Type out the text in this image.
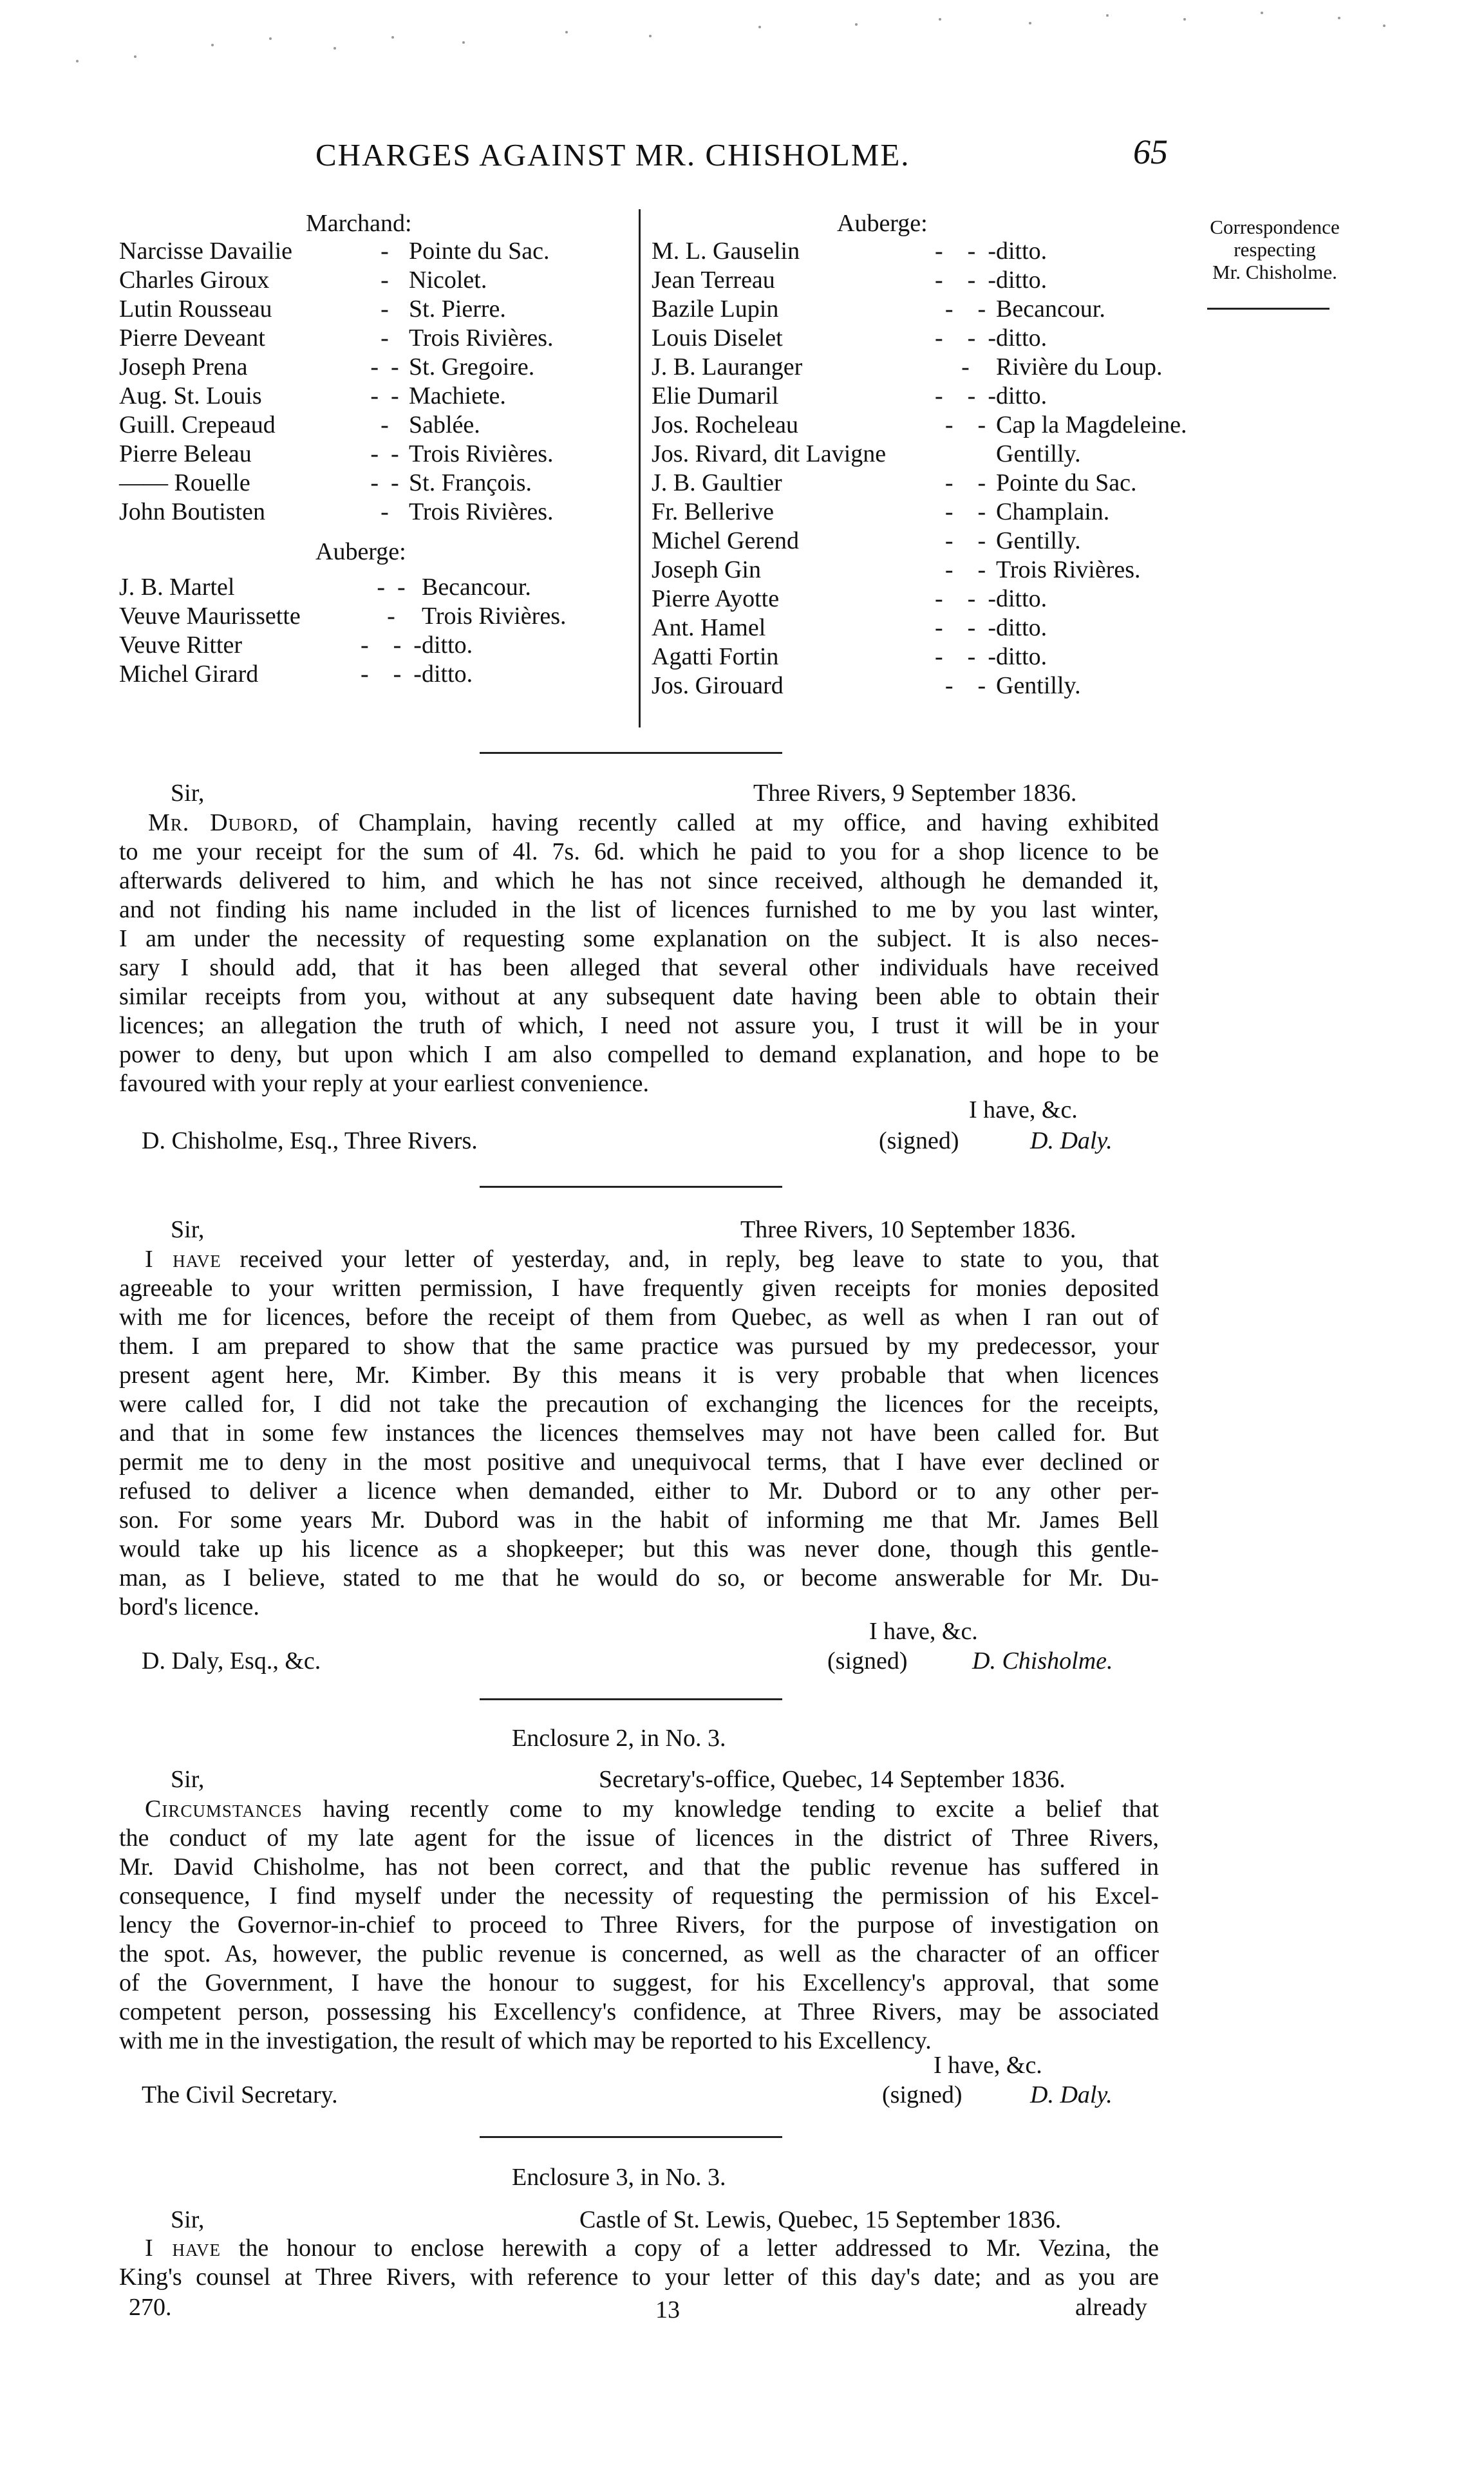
CHARGES AGAINST MR. CHISHOLME.	65
Correspondence
respecting
Mr. Chisholme.
Marchand:
Narcisse Davailie	-	Pointe du Sac.
Charles Giroux	-	Nicolet.
Lutin Rousseau	-	St. Pierre.
Pierre Deveant	-	Trois Rivières.
Joseph Prena	-  -	St. Gregoire.
Aug. St. Louis	-  -	Machiete.
Guill. Crepeaud	-	Sablée.
Pierre Beleau	-  -	Trois Rivières.
—— Rouelle	-  -	St. François.
John Boutisten	-	Trois Rivières.
Auberge:
J. B. Martel	-  -	Becancour.
Veuve Maurissette	-	Trois Rivières.
Veuve Ritter	-    -  -	ditto.
Michel Girard	-    -  -	ditto.
Auberge:
M. L. Gauselin	-    -  -	ditto.
Jean Terreau	-    -  -	ditto.
Bazile Lupin	-    -	Becancour.
Louis Diselet	-    -  -	ditto.
J. B. Lauranger	-	Rivière du Loup.
Elie Dumaril	-    -  -	ditto.
Jos. Rocheleau	-    -	Cap la Magdeleine.
Jos. Rivard, dit Lavigne		Gentilly.
J. B. Gaultier	-    -	Pointe du Sac.
Fr. Bellerive	-    -	Champlain.
Michel Gerend	-    -	Gentilly.
Joseph Gin	-    -	Trois Rivières.
Pierre Ayotte	-    -  -	ditto.
Ant. Hamel	-    -  -	ditto.
Agatti Fortin	-    -  -	ditto.
Jos. Girouard	-    -	Gentilly.
Sir,	Three Rivers, 9 September 1836.
Mr. Dubord, of Champlain, having recently called at my office, and having exhibited
to me your receipt for the sum of 4l. 7s. 6d. which he paid to you for a shop licence to be
afterwards delivered to him, and which he has not since received, although he demanded it,
and not finding his name included in the list of licences furnished to me by you last winter,
I am under the necessity of requesting some explanation on the subject. It is also neces-
sary I should add, that it has been alleged that several other individuals have received
similar receipts from you, without at any subsequent date having been able to obtain their
licences; an allegation the truth of which, I need not assure you, I trust it will be in your
power to deny, but upon which I am also compelled to demand explanation, and hope to be
favoured with your reply at your earliest convenience.
I have, &c.
D. Chisholme, Esq., Three Rivers.	(signed)	D. Daly.
Sir,	Three Rivers, 10 September 1836.
I have received your letter of yesterday, and, in reply, beg leave to state to you, that
agreeable to your written permission, I have frequently given receipts for monies deposited
with me for licences, before the receipt of them from Quebec, as well as when I ran out of
them. I am prepared to show that the same practice was pursued by my predecessor, your
present agent here, Mr. Kimber. By this means it is very probable that when licences
were called for, I did not take the precaution of exchanging the licences for the receipts,
and that in some few instances the licences themselves may not have been called for. But
permit me to deny in the most positive and unequivocal terms, that I have ever declined or
refused to deliver a licence when demanded, either to Mr. Dubord or to any other per-
son. For some years Mr. Dubord was in the habit of informing me that Mr. James Bell
would take up his licence as a shopkeeper; but this was never done, though this gentle-
man, as I believe, stated to me that he would do so, or become answerable for Mr. Du-
bord's licence.
I have, &c.
D. Daly, Esq., &c.	(signed)	D. Chisholme.
Enclosure 2, in No. 3.
Sir,	Secretary's-office, Quebec, 14 September 1836.
Circumstances having recently come to my knowledge tending to excite a belief that
the conduct of my late agent for the issue of licences in the district of Three Rivers,
Mr. David Chisholme, has not been correct, and that the public revenue has suffered in
consequence, I find myself under the necessity of requesting the permission of his Excel-
lency the Governor-in-chief to proceed to Three Rivers, for the purpose of investigation on
the spot. As, however, the public revenue is concerned, as well as the character of an officer
of the Government, I have the honour to suggest, for his Excellency's approval, that some
competent person, possessing his Excellency's confidence, at Three Rivers, may be associated
with me in the investigation, the result of which may be reported to his Excellency.
I have, &c.
The Civil Secretary.	(signed)	D. Daly.
Enclosure 3, in No. 3.
Sir,	Castle of St. Lewis, Quebec, 15 September 1836.
I have the honour to enclose herewith a copy of a letter addressed to Mr. Vezina, the
King's counsel at Three Rivers, with reference to your letter of this day's date; and as you are
270.	13	already
